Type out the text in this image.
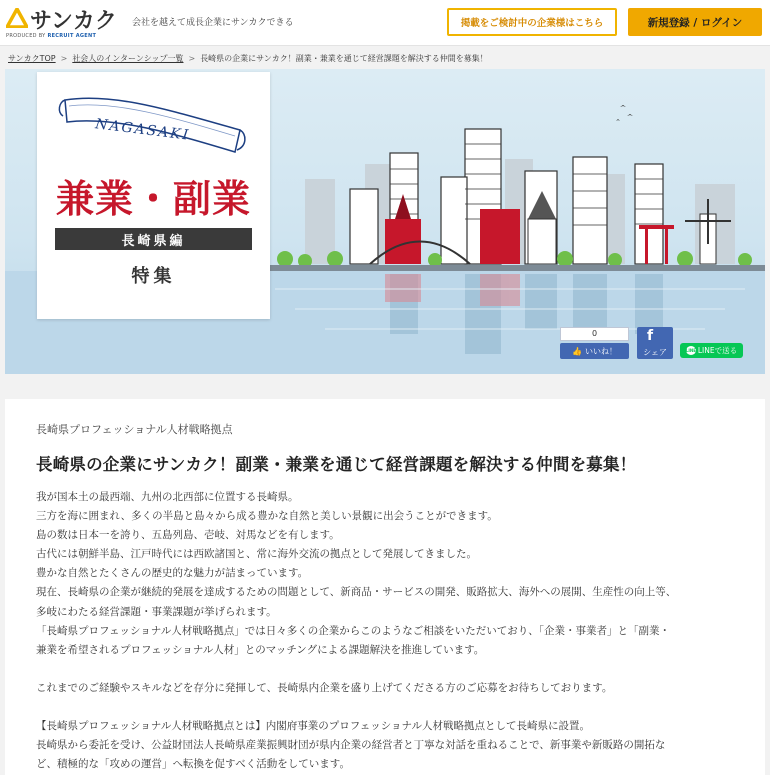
サンカク
PRODUCED BY RECRUIT AGENT
会社を越えて成長企業にサンカクできる	掲載をご検討中の企業様はこちら	新規登録 / ログイン
サンカクTOP > 社会人のインターンシップ一覧 > 長崎県の企業にサンカク！副業・兼業を通じて経営課題を解決する仲間を募集！
NAGASAKI
兼業・副業
長崎県編
特集
0
👍 いいね！
f
シェア	LINE LINEで送る
長崎県プロフェッショナル人材戦略拠点
長崎県の企業にサンカク！副業・兼業を通じて経営課題を解決する仲間を募集！

我が国本土の最西端、九州の北西部に位置する長崎県。

三方を海に囲まれ、多くの半島と島々から成る豊かな自然と美しい景観に出会うことができます。

島の数は日本一を誇り、五島列島、壱岐、対馬などを有します。

古代には朝鮮半島、江戸時代には西欧諸国と、常に海外交流の拠点として発展してきました。

豊かな自然とたくさんの歴史的な魅力が詰まっています。

現在、長崎県の企業が継続的発展を達成するための問題として、新商品・サービスの開発、販路拡大、海外への展開、生産性の向上等、

多岐にわたる経営課題・事業課題が挙げられます。

「長崎県プロフェッショナル人材戦略拠点」では日々多くの企業からこのようなご相談をいただいており、「企業・事業者」と「副業・

兼業を希望されるプロフェッショナル人材」とのマッチングによる課題解決を推進しています。

これまでのご経験やスキルなどを存分に発揮して、長崎県内企業を盛り上げてくださる方のご応募をお待ちしております。

【長崎県プロフェッショナル人材戦略拠点とは】内閣府事業のプロフェッショナル人材戦略拠点として長崎県に設置。

長崎県から委託を受け、公益財団法人長崎県産業振興財団が県内企業の経営者と丁寧な対話を重ねることで、新事業や新販路の開拓な

ど、積極的な「攻めの運営」へ転換を促すべく活動をしています。
